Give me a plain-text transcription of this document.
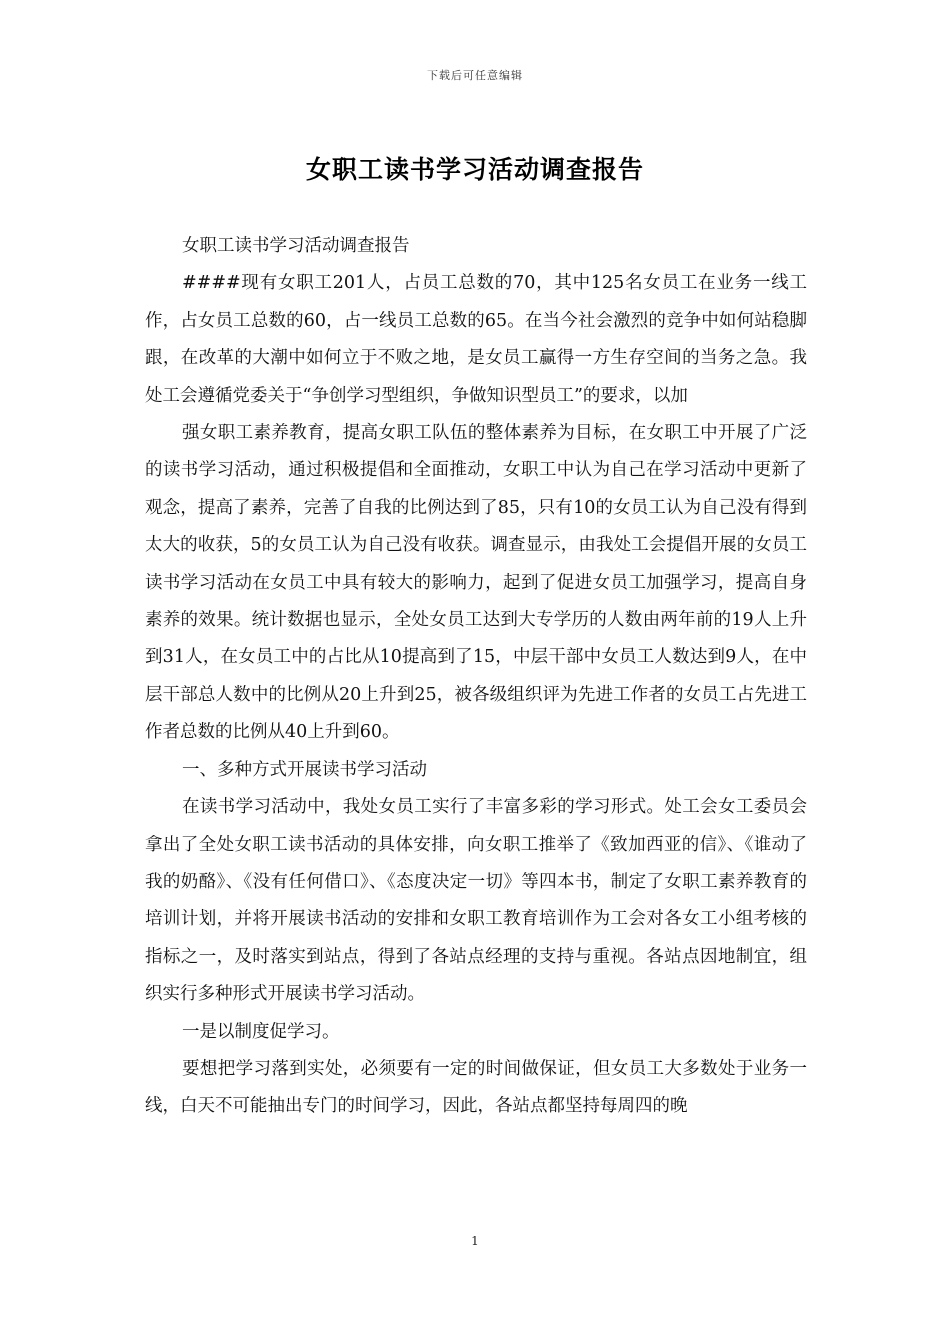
下载后可任意编辑
女职工读书学习活动调查报告

女职工读书学习活动调查报告

####现有女职工201人，占员工总数的70，其中125名女员工在业务一线工作，占女员工总数的60，占一线员工总数的65。在当今社会激烈的竞争中如何站稳脚跟，在改革的大潮中如何立于不败之地，是女员工赢得一方生存空间的当务之急。我处工会遵循党委关于“争创学习型组织，争做知识型员工”的要求，以加

强女职工素养教育，提高女职工队伍的整体素养为目标，在女职工中开展了广泛的读书学习活动，通过积极提倡和全面推动，女职工中认为自己在学习活动中更新了观念，提高了素养，完善了自我的比例达到了85，只有10的女员工认为自己没有得到太大的收获，5的女员工认为自己没有收获。调查显示，由我处工会提倡开展的女员工读书学习活动在女员工中具有较大的影响力，起到了促进女员工加强学习，提高自身素养的效果。统计数据也显示，全处女员工达到大专学历的人数由两年前的19人上升到31人，在女员工中的占比从10提高到了15，中层干部中女员工人数达到9人，在中层干部总人数中的比例从20上升到25，被各级组织评为先进工作者的女员工占先进工作者总数的比例从40上升到60。

一、多种方式开展读书学习活动

在读书学习活动中，我处女员工实行了丰富多彩的学习形式。处工会女工委员会拿出了全处女职工读书活动的具体安排，向女职工推举了《致加西亚的信》、《谁动了我的奶酪》、《没有任何借口》、《态度决定一切》等四本书，制定了女职工素养教育的培训计划，并将开展读书活动的安排和女职工教育培训作为工会对各女工小组考核的指标之一，及时落实到站点，得到了各站点经理的支持与重视。各站点因地制宜，组织实行多种形式开展读书学习活动。

一是以制度促学习。

要想把学习落到实处，必须要有一定的时间做保证，但女员工大多数处于业务一线，白天不可能抽出专门的时间学习，因此，各站点都坚持每周四的晚

1
